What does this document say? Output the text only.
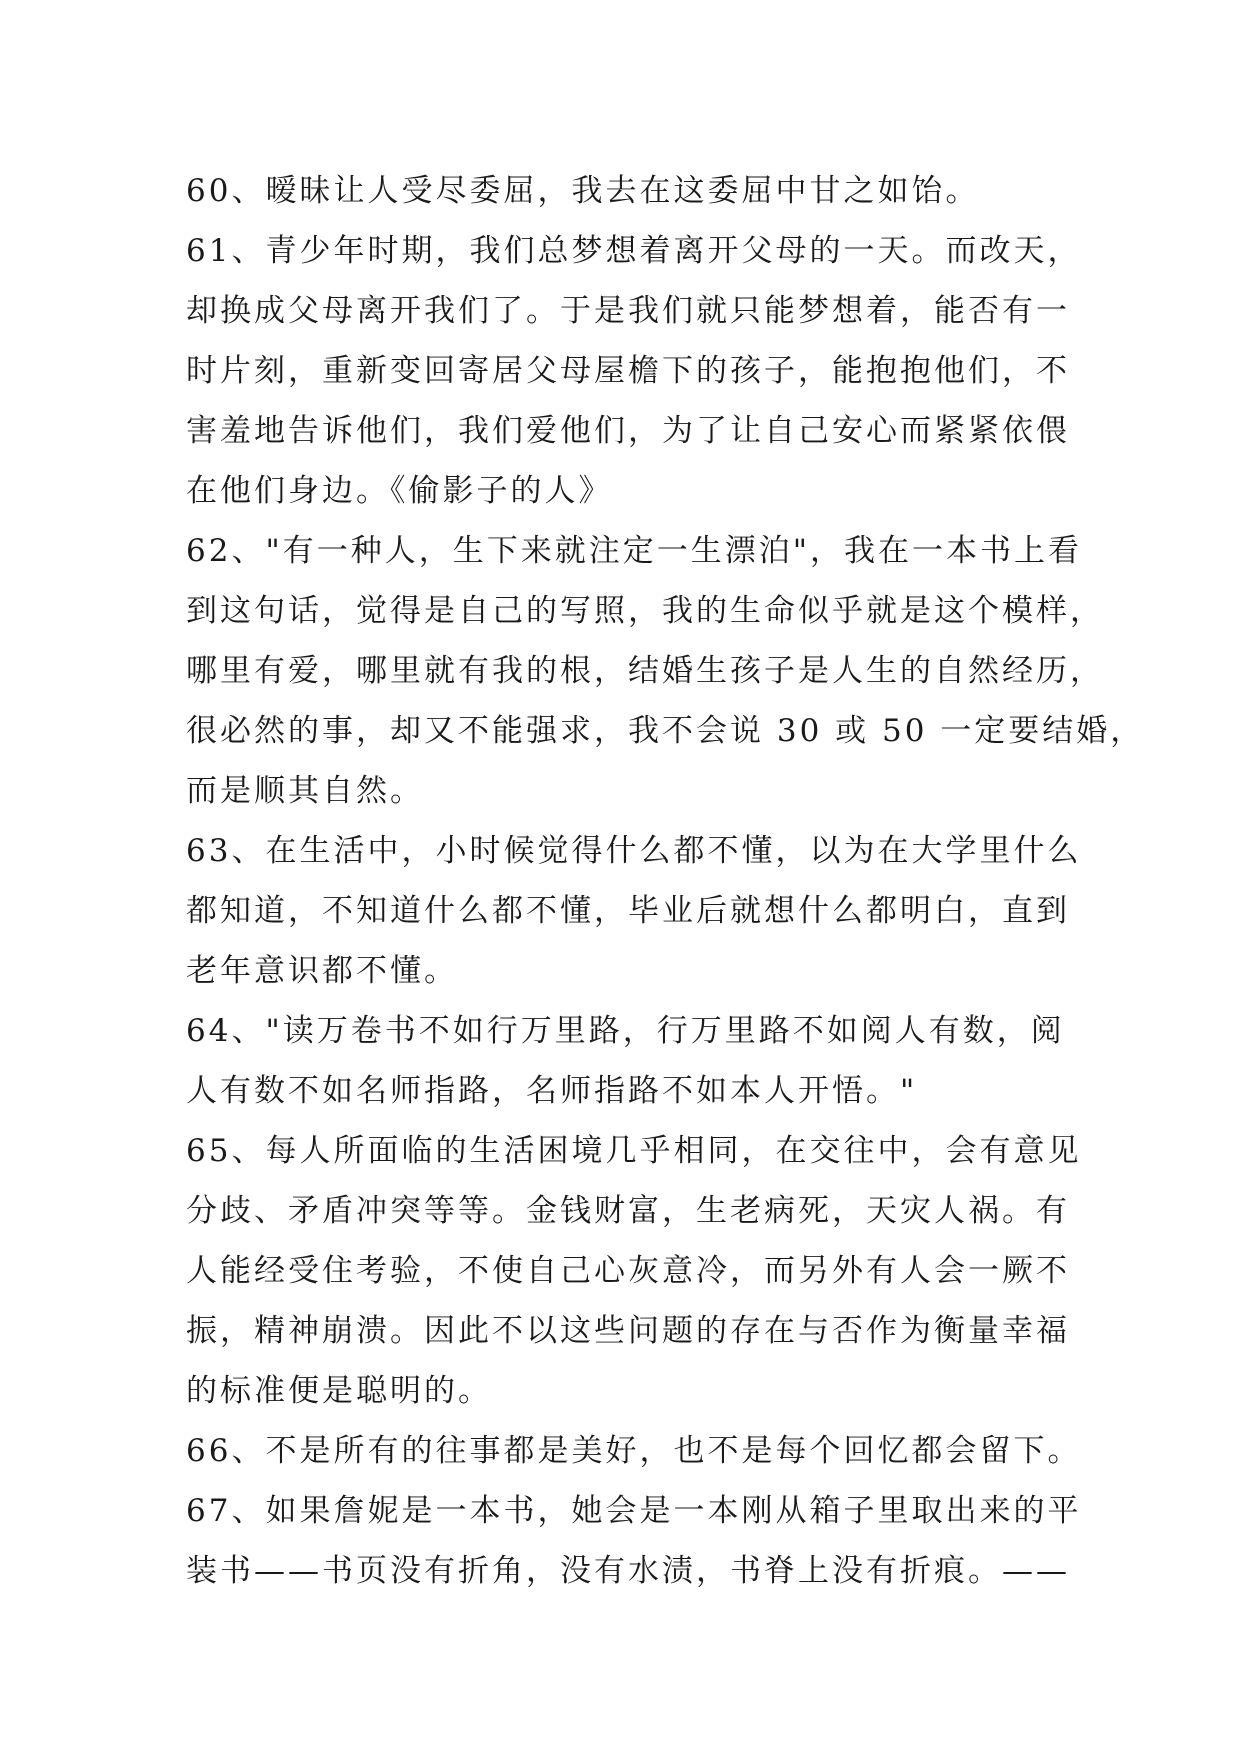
60、暧昧让人受尽委屈，我去在这委屈中甘之如饴。
61、青少年时期，我们总梦想着离开父母的一天。而改天，
却换成父母离开我们了。于是我们就只能梦想着，能否有一
时片刻，重新变回寄居父母屋檐下的孩子，能抱抱他们，不
害羞地告诉他们，我们爱他们，为了让自己安心而紧紧依偎
在他们身边。《偷影子的人》
62、"有一种人，生下来就注定一生漂泊"，我在一本书上看
到这句话，觉得是自己的写照，我的生命似乎就是这个模样，
哪里有爱，哪里就有我的根，结婚生孩子是人生的自然经历，
很必然的事，却又不能强求，我不会说 30 或 50 一定要结婚，
而是顺其自然。
63、在生活中，小时候觉得什么都不懂，以为在大学里什么
都知道，不知道什么都不懂，毕业后就想什么都明白，直到
老年意识都不懂。
64、"读万卷书不如行万里路，行万里路不如阅人有数，阅
人有数不如名师指路，名师指路不如本人开悟。"
65、每人所面临的生活困境几乎相同，在交往中，会有意见
分歧、矛盾冲突等等。金钱财富，生老病死，天灾人祸。有
人能经受住考验，不使自己心灰意冷，而另外有人会一厥不
振，精神崩溃。因此不以这些问题的存在与否作为衡量幸福
的标准便是聪明的。
66、不是所有的往事都是美好，也不是每个回忆都会留下。
67、如果詹妮是一本书，她会是一本刚从箱子里取出来的平
装书——书页没有折角，没有水渍，书脊上没有折痕。——
